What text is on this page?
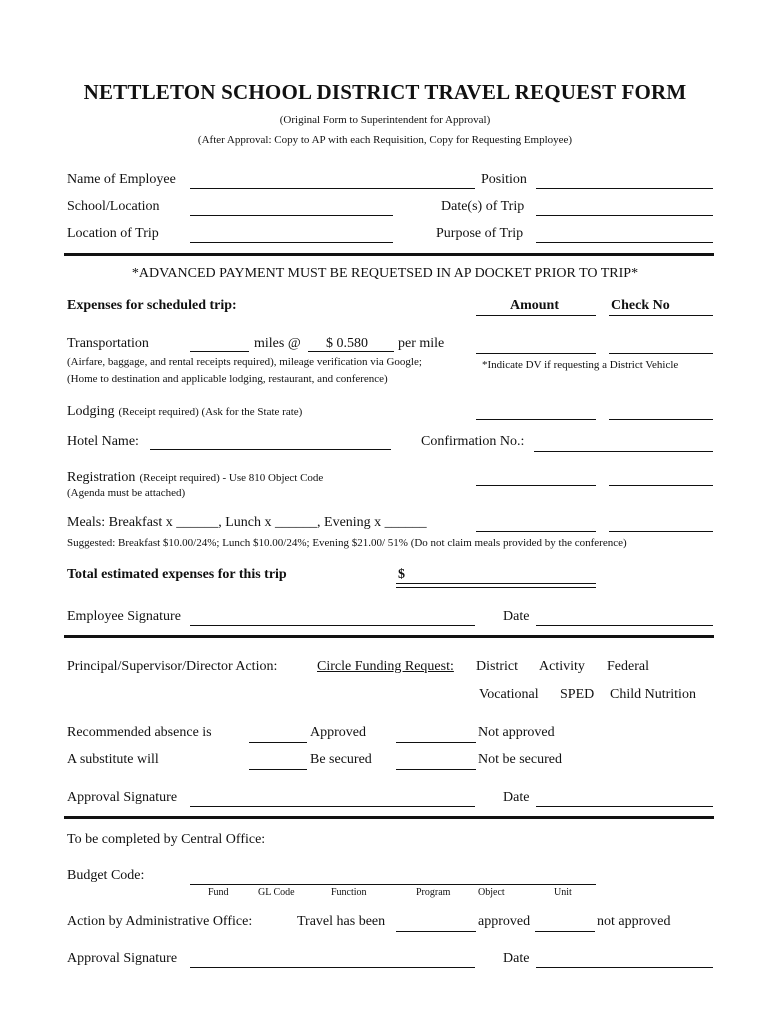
NETTLETON SCHOOL DISTRICT TRAVEL REQUEST FORM
(Original Form to Superintendent for Approval)
(After Approval: Copy to AP with each Requisition, Copy for Requesting Employee)
Name of Employee	Position
School/Location	Date(s) of Trip
Location of Trip	Purpose of Trip
*ADVANCED PAYMENT MUST BE REQUETSED IN AP DOCKET PRIOR TO TRIP*
Expenses for scheduled trip:	Amount	Check No
Transportation	miles @ $ 0.580 per mile
(Airfare, baggage, and rental receipts required), mileage verification via Google;
(Home to destination and applicable lodging, restaurant, and conference)
*Indicate DV if requesting a District Vehicle
Lodging (Receipt required) (Ask for the State rate)
Hotel Name:	Confirmation No.:
Registration (Receipt required) - Use 810 Object Code
(Agenda must be attached)
Meals: Breakfast x ______, Lunch x ______, Evening x ______
Suggested: Breakfast $10.00/24%; Lunch $10.00/24%; Evening $21.00/ 51% (Do not claim meals provided by the conference)
Total estimated expenses for this trip	$
Employee Signature	Date
Principal/Supervisor/Director Action:	Circle Funding Request: District Activity Federal
Vocational SPED Child Nutrition
Recommended absence is	Approved	Not approved
A substitute will	Be secured	Not be secured
Approval Signature	Date
To be completed by Central Office:
Budget Code:
Fund	GL Code	Function	Program	Object	Unit
Action by Administrative Office:	Travel has been	approved	not approved
Approval Signature	Date
